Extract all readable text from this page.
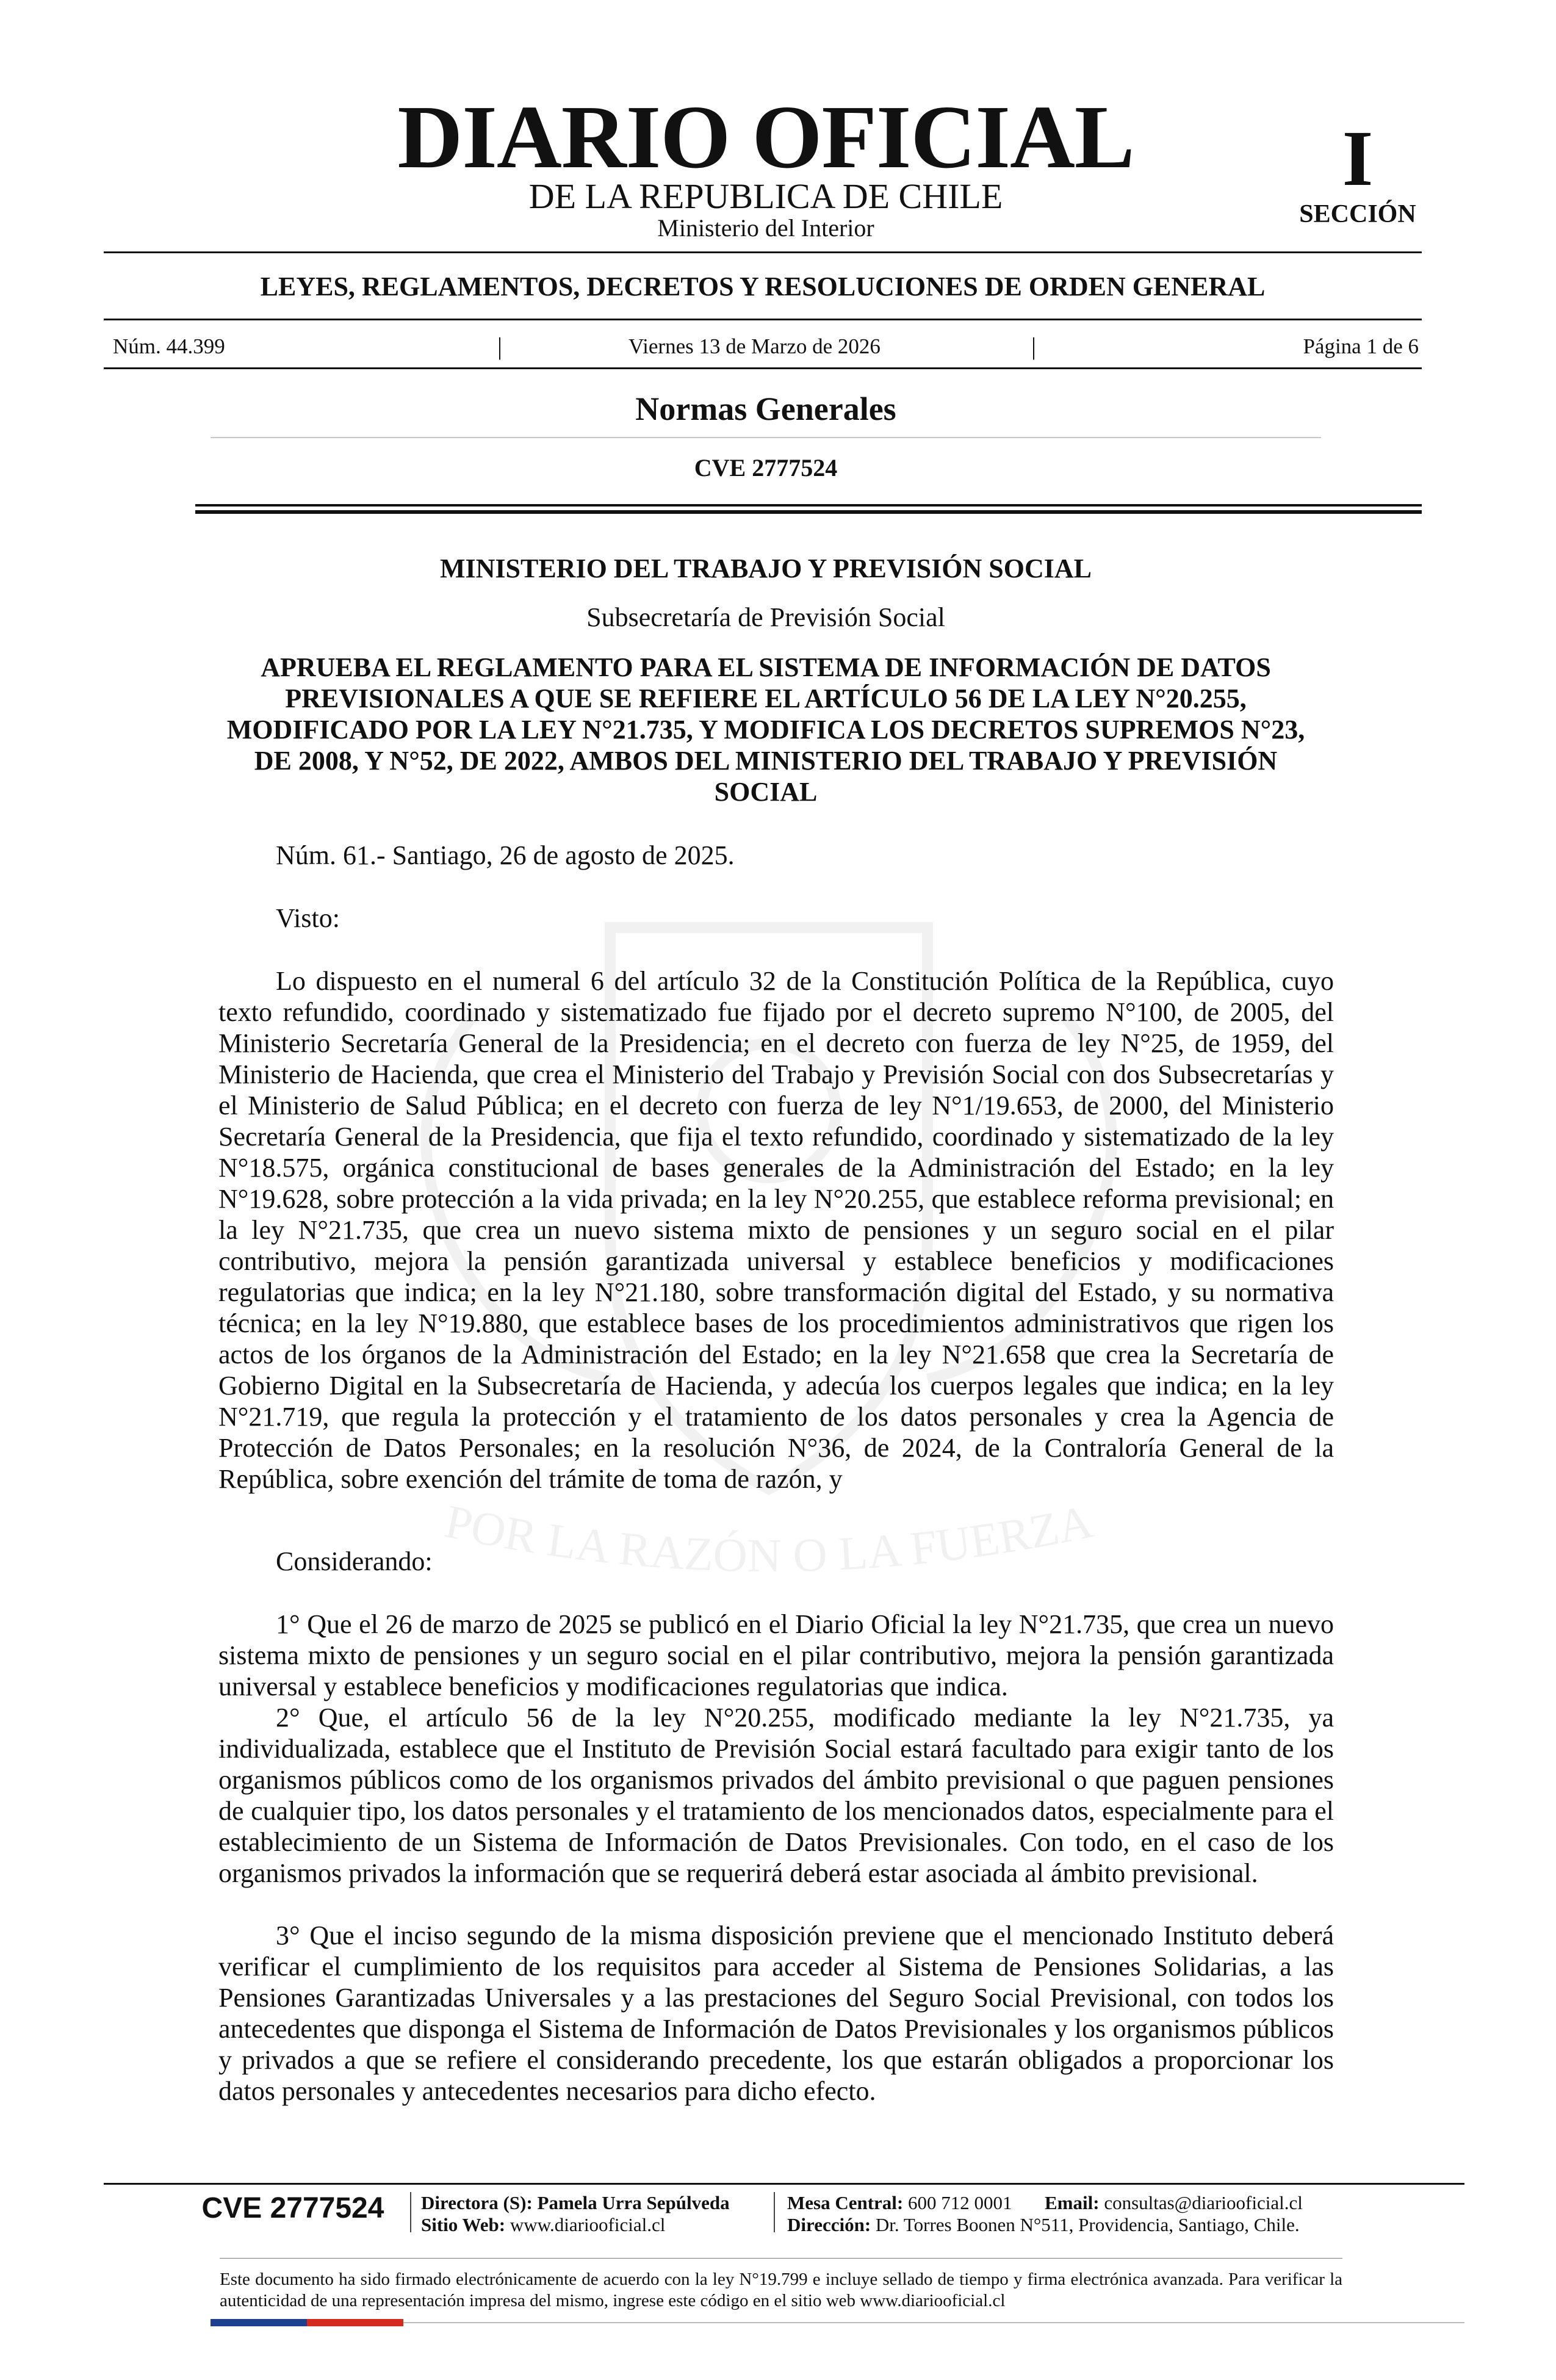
DIARIO OFICIAL
DE LA REPUBLICA DE CHILE
Ministerio del Interior
I
SECCIÓN
LEYES, REGLAMENTOS, DECRETOS Y RESOLUCIONES DE ORDEN GENERAL
Núm. 44.399	|	Viernes 13 de Marzo de 2026	|	Página 1 de 6
Normas Generales
CVE 2777524
POR LA RAZÓN O LA FUERZA
MINISTERIO DEL TRABAJO Y PREVISIÓN SOCIAL
Subsecretaría de Previsión Social
APRUEBA EL REGLAMENTO PARA EL SISTEMA DE INFORMACIÓN DE DATOS PREVISIONALES A QUE SE REFIERE EL ARTÍCULO 56 DE LA LEY N°20.255, MODIFICADO POR LA LEY N°21.735, Y MODIFICA LOS DECRETOS SUPREMOS N°23, DE 2008, Y N°52, DE 2022, AMBOS DEL MINISTERIO DEL TRABAJO Y PREVISIÓN SOCIAL
Núm. 61.- Santiago, 26 de agosto de 2025.
Visto:

Lo dispuesto en el numeral 6 del artículo 32 de la Constitución Política de la República, cuyo texto refundido, coordinado y sistematizado fue fijado por el decreto supremo N°100, de 2005, del Ministerio Secretaría General de la Presidencia; en el decreto con fuerza de ley N°25, de 1959, del Ministerio de Hacienda, que crea el Ministerio del Trabajo y Previsión Social con dos Subsecretarías y el Ministerio de Salud Pública; en el decreto con fuerza de ley N°1/19.653, de 2000, del Ministerio Secretaría General de la Presidencia, que fija el texto refundido, coordinado y sistematizado de la ley N°18.575, orgánica constitucional de bases generales de la Administración del Estado; en la ley N°19.628, sobre protección a la vida privada; en la ley N°20.255, que establece reforma previsional; en la ley N°21.735, que crea un nuevo sistema mixto de pensiones y un seguro social en el pilar contributivo, mejora la pensión garantizada universal y establece beneficios y modificaciones regulatorias que indica; en la ley N°21.180, sobre transformación digital del Estado, y su normativa técnica; en la ley N°19.880, que establece bases de los procedimientos administrativos que rigen los actos de los órganos de la Administración del Estado; en la ley N°21.658 que crea la Secretaría de Gobierno Digital en la Subsecretaría de Hacienda, y adecúa los cuerpos legales que indica; en la ley N°21.719, que regula la protección y el tratamiento de los datos personales y crea la Agencia de Protección de Datos Personales; en la resolución N°36, de 2024, de la Contraloría General de la República, sobre exención del trámite de toma de razón, y

Considerando:

1° Que el 26 de marzo de 2025 se publicó en el Diario Oficial la ley N°21.735, que crea un nuevo sistema mixto de pensiones y un seguro social en el pilar contributivo, mejora la pensión garantizada universal y establece beneficios y modificaciones regulatorias que indica.

2° Que, el artículo 56 de la ley N°20.255, modificado mediante la ley N°21.735, ya individualizada, establece que el Instituto de Previsión Social estará facultado para exigir tanto de los organismos públicos como de los organismos privados del ámbito previsional o que paguen pensiones de cualquier tipo, los datos personales y el tratamiento de los mencionados datos, especialmente para el establecimiento de un Sistema de Información de Datos Previsionales. Con todo, en el caso de los organismos privados la información que se requerirá deberá estar asociada al ámbito previsional.

3° Que el inciso segundo de la misma disposición previene que el mencionado Instituto deberá verificar el cumplimiento de los requisitos para acceder al Sistema de Pensiones Solidarias, a las Pensiones Garantizadas Universales y a las prestaciones del Seguro Social Previsional, con todos los antecedentes que disponga el Sistema de Información de Datos Previsionales y los organismos públicos y privados a que se refiere el considerando precedente, los que estarán obligados a proporcionar los datos personales y antecedentes necesarios para dicho efecto.

CVE 2777524	Directora (S): Pamela Urra Sepúlveda
Sitio Web: www.diariooficial.cl
Mesa Central: 600 712 0001 Email: consultas@diariooficial.cl
Dirección: Dr. Torres Boonen N°511, Providencia, Santiago, Chile.
Este documento ha sido firmado electrónicamente de acuerdo con la ley N°19.799 e incluye sellado de tiempo y firma electrónica avanzada. Para verificar la autenticidad de una representación impresa del mismo, ingrese este código en el sitio web www.diariooficial.cl
